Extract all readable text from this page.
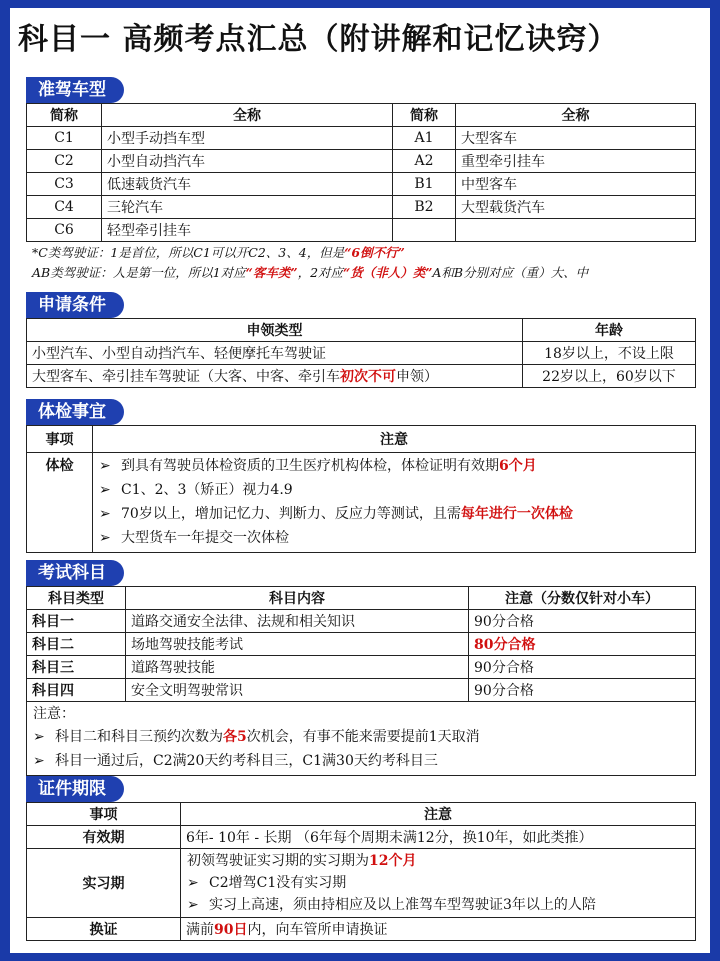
科目一 高频考点汇总（附讲解和记忆诀窍）
准驾车型
简称	全称	简称	全称
C1	小型手动挡车型	A1	大型客车
C2	小型自动挡汽车	A2	重型牵引挂车
C3	低速载货汽车	B1	中型客车
C4	三轮汽车	B2	大型载货汽车
C6	轻型牵引挂车		
*C类驾驶证：1是首位，所以C1可以开C2、3、4，但是“6倒不行”
AB类驾驶证：人是第一位，所以1对应“客车类”，2对应“货（非人）类”A和B分别对应（重）大、中
申请条件
申领类型	年龄
小型汽车、小型自动挡汽车、轻便摩托车驾驶证	18岁以上，不设上限
大型客车、牵引挂车驾驶证（大客、中客、牵引车初次不可申领）	22岁以上，60岁以下
体检事宜
事项	注意
体检	➢ 到具有驾驶员体检资质的卫生医疗机构体检，体检证明有效期6个月
➢ C1、2、3（矫正）视力4.9
➢ 70岁以上，增加记忆力、判断力、反应力等测试，且需每年进行一次体检
➢ 大型货车一年提交一次体检
考试科目
科目类型	科目内容	注意（分数仅针对小车）
科目一	道路交通安全法律、法规和相关知识	90分合格
科目二	场地驾驶技能考试	80分合格
科目三	道路驾驶技能	90分合格
科目四	安全文明驾驶常识	90分合格

注意：
➢ 科目二和科目三预约次数为各5次机会，有事不能来需要提前1天取消
➢ 科目一通过后，C2满20天约考科目三，C1满30天约考科目三
证件期限
事项	注意
有效期	6年- 10年 - 长期 （6年每个周期未满12分，换10年，如此类推）
实习期	初领驾驶证实习期的实习期为12个月
➢ C2增驾C1没有实习期
➢ 实习上高速，须由持相应及以上准驾车型驾驶证3年以上的人陪

换证	满前90日内，向车管所申请换证
